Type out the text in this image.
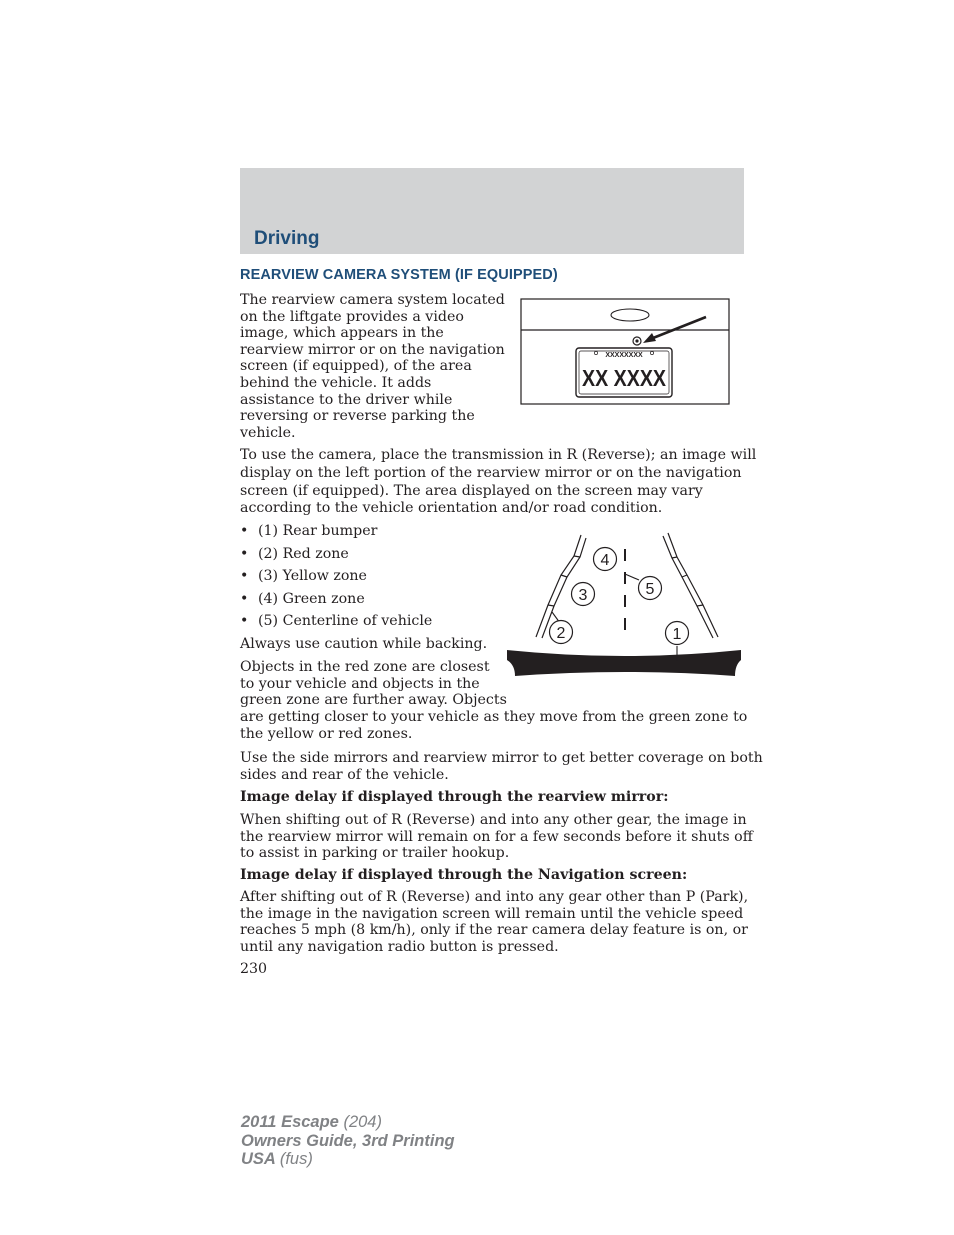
Driving
REARVIEW CAMERA SYSTEM (IF EQUIPPED)
The rearview camera system located
on the liftgate provides a video
image, which appears in the
rearview mirror or on the navigation
screen (if equipped), of the area
behind the vehicle. It adds
assistance to the driver while
reversing or reverse parking the
vehicle.
XXXXXXXX
XX XXXX
To use the camera, place the transmission in R (Reverse); an image will
display on the left portion of the rearview mirror or on the navigation
screen (if equipped). The area displayed on the screen may vary
according to the vehicle orientation and/or road condition.
• (1) Rear bumper
• (2) Red zone
• (3) Yellow zone
• (4) Green zone
• (5) Centerline of vehicle
4
5
3
2	1
Always use caution while backing.
Objects in the red zone are closest
to your vehicle and objects in the
green zone are further away. Objects
are getting closer to your vehicle as they move from the green zone to
the yellow or red zones.
Use the side mirrors and rearview mirror to get better coverage on both
sides and rear of the vehicle.
Image delay if displayed through the rearview mirror:
When shifting out of R (Reverse) and into any other gear, the image in
the rearview mirror will remain on for a few seconds before it shuts off
to assist in parking or trailer hookup.
Image delay if displayed through the Navigation screen:
After shifting out of R (Reverse) and into any gear other than P (Park),
the image in the navigation screen will remain until the vehicle speed
reaches 5 mph (8 km/h), only if the rear camera delay feature is on, or
until any navigation radio button is pressed.
230
2011 Escape (204)
Owners Guide, 3rd Printing
USA (fus)
